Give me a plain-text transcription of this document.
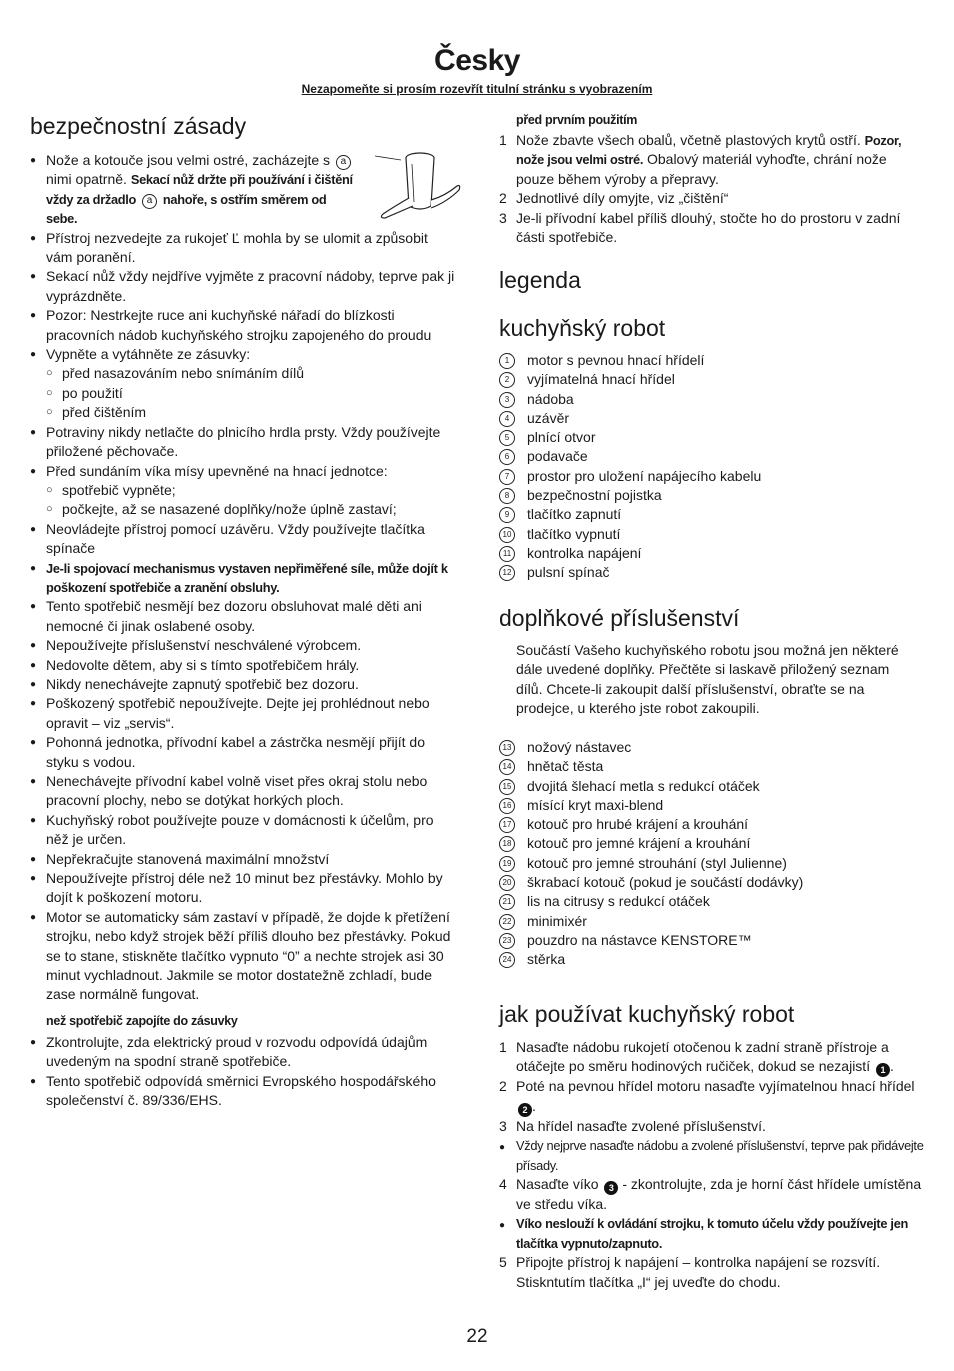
Česky
Nezapomeňte si prosím rozevřít titulní stránku s vyobrazením
bezpečnostní zásady
● Nože a kotouče jsou velmi ostré, zacházejte s a nimi opatrně. Sekací nůž držte při používání i čištění vždy za držadlo a nahoře, s ostřím směrem od sebe.
● Přístroj nezvedejte za rukojeť Ľ mohla by se ulomit a způsobit vám poranění.
● Sekací nůž vždy nejdříve vyjměte z pracovní nádoby, teprve pak ji vyprázdněte.
● Pozor: Nestrkejte ruce ani kuchyňské nářadí do blízkosti pracovních nádob kuchyňského strojku zapojeného do proudu
● Vypněte a vytáhněte ze zásuvky:
○ před nasazováním nebo snímáním dílů
○ po použití
○ před čištěním
● Potraviny nikdy netlačte do plnicího hrdla prsty. Vždy používejte přiložené pěchovače.
● Před sundáním víka mísy upevněné na hnací jednotce:
○ spotřebič vypněte;
○ počkejte, až se nasazené doplňky/nože úplně zastaví;
● Neovládejte přístroj pomocí uzávěru. Vždy používejte tlačítka spínače
● Je-li spojovací mechanismus vystaven nepřiměřené síle, může dojít k poškození spotřebiče a zranění obsluhy.
● Tento spotřebič nesmějí bez dozoru obsluhovat malé děti ani nemocné či jinak oslabené osoby.
● Nepoužívejte příslušenství neschválené výrobcem.
● Nedovolte dětem, aby si s tímto spotřebičem hrály.
● Nikdy nenechávejte zapnutý spotřebič bez dozoru.
● Poškozený spotřebič nepoužívejte. Dejte jej prohlédnout nebo opravit – viz „servis“.
● Pohonná jednotka, přívodní kabel a zástrčka nesmějí přijít do styku s vodou.
● Nenechávejte přívodní kabel volně viset přes okraj stolu nebo pracovní plochy, nebo se dotýkat horkých ploch.
● Kuchyňský robot používejte pouze v domácnosti k účelům, pro něž je určen.
● Nepřekračujte stanovená maximální množství
● Nepoužívejte přístroj déle než 10 minut bez přestávky. Mohlo by dojít k poškození motoru.
● Motor se automaticky sám zastaví v případě, že dojde k přetížení strojku, nebo když strojek běží příliš dlouho bez přestávky. Pokud se to stane, stiskněte tlačítko vypnuto “0” a nechte strojek asi 30 minut vychladnout. Jakmile se motor dostatežně zchladí, bude zase normálně fungovat.
než spotřebič zapojíte do zásuvky
● Zkontrolujte, zda elektrický proud v rozvodu odpovídá údajům uvedeným na spodní straně spotřebiče.
● Tento spotřebič odpovídá směrnici Evropského hospodářského společenství č. 89/336/EHS.
před prvním použitím
1 Nože zbavte všech obalů, včetně plastových krytů ostří. Pozor, nože jsou velmi ostré. Obalový materiál vyhoďte, chrání nože pouze během výroby a přepravy.
2 Jednotlivé díly omyjte, viz „čištění“
3 Je-li přívodní kabel příliš dlouhý, stočte ho do prostoru v zadní části spotřebiče.
legenda
kuchyňský robot
1	motor s pevnou hnací hřídelí
2	vyjímatelná hnací hřídel
3	nádoba
4	uzávěr
5	plnící otvor
6	podavače
7	prostor pro uložení napájecího kabelu
8	bezpečnostní pojistka
9	tlačítko zapnutí
10 tlačítko vypnutí
11 kontrolka napájení
12 pulsní spínač
doplňkové příslušenství

Součástí Vašeho kuchyňského robotu jsou možná jen některé dále uvedené doplňky. Přečtěte si laskavě přiložený seznam dílů. Chcete-li zakoupit další příslušenství, obraťte se na prodejce, u kterého jste robot zakoupili.

13 nožový nástavec
14 hnětač těsta
15 dvojitá šlehací metla s redukcí otáček
16 mísící kryt maxi-blend
17 kotouč pro hrubé krájení a krouhání
18 kotouč pro jemné krájení a krouhání
19 kotouč pro jemné strouhání (styl Julienne)
20 škrabací kotouč (pokud je součástí dodávky)
21 lis na citrusy s redukcí otáček
22 minimixér
23 pouzdro na nástavce KENSTORE™
24 stěrka
jak používat kuchyňský robot
1 Nasaďte nádobu rukojetí otočenou k zadní straně přístroje a otáčejte po směru hodinových ručiček, dokud se nezajistí 1 .
2 Poté na pevnou hřídel motoru nasaďte vyjímatelnou hnací hřídel 2 .
3 Na hřídel nasaďte zvolené příslušenství.
● Vždy nejprve nasaďte nádobu a zvolené příslušenství, teprve pak přidávejte přísady.
4 Nasaďte víko 3 - zkontrolujte, zda je horní část hřídele umístěna ve středu víka.
● Víko neslouží k ovládání strojku, k tomuto účelu vždy používejte jen tlačítka vypnuto/zapnuto.
5 Připojte přístroj k napájení – kontrolka napájení se rozsvítí. Stiskntutím tlačítka „I“ jej uveďte do chodu.
22
